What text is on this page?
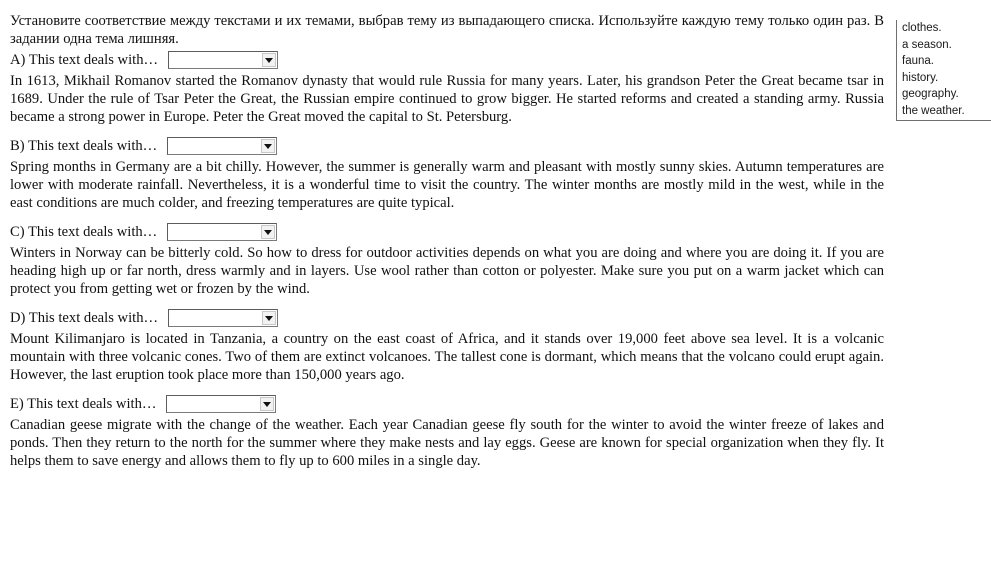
Установите соответствие между текстами и их темами, выбрав тему из выпадающего списка. Используйте каждую тему только один раз. В задании одна тема лишняя.

A) This text deals with…

In 1613, Mikhail Romanov started the Romanov dynasty that would rule Russia for many years. Later, his grandson Peter the Great became tsar in 1689. Under the rule of Tsar Peter the Great, the Russian empire continued to grow bigger. He started reforms and created a standing army. Russia became a strong power in Europe. Peter the Great moved the capital to St. Petersburg.

B) This text deals with…

Spring months in Germany are a bit chilly. However, the summer is generally warm and pleasant with mostly sunny skies. Autumn temperatures are lower with moderate rainfall. Nevertheless, it is a wonderful time to visit the country. The winter months are mostly mild in the west, while in the east conditions are much colder, and freezing temperatures are quite typical.

C) This text deals with…

Winters in Norway can be bitterly cold. So how to dress for outdoor activities depends on what you are doing and where you are doing it. If you are heading high up or far north, dress warmly and in layers. Use wool rather than cotton or polyester. Make sure you put on a warm jacket which can protect you from getting wet or frozen by the wind.

D) This text deals with…

Mount Kilimanjaro is located in Tanzania, a country on the east coast of Africa, and it stands over 19,000 feet above sea level. It is a volcanic mountain with three volcanic cones. Two of them are extinct volcanoes. The tallest cone is dormant, which means that the volcano could erupt again. However, the last eruption took place more than 150,000 years ago.

E) This text deals with…

Canadian geese migrate with the change of the weather. Each year Canadian geese fly south for the winter to avoid the winter freeze of lakes and ponds. Then they return to the north for the summer where they make nests and lay eggs. Geese are known for special organization when they fly. It helps them to save energy and allows them to fly up to 600 miles in a single day.

clothes.
a season.
fauna.
history.
geography.
the weather.
